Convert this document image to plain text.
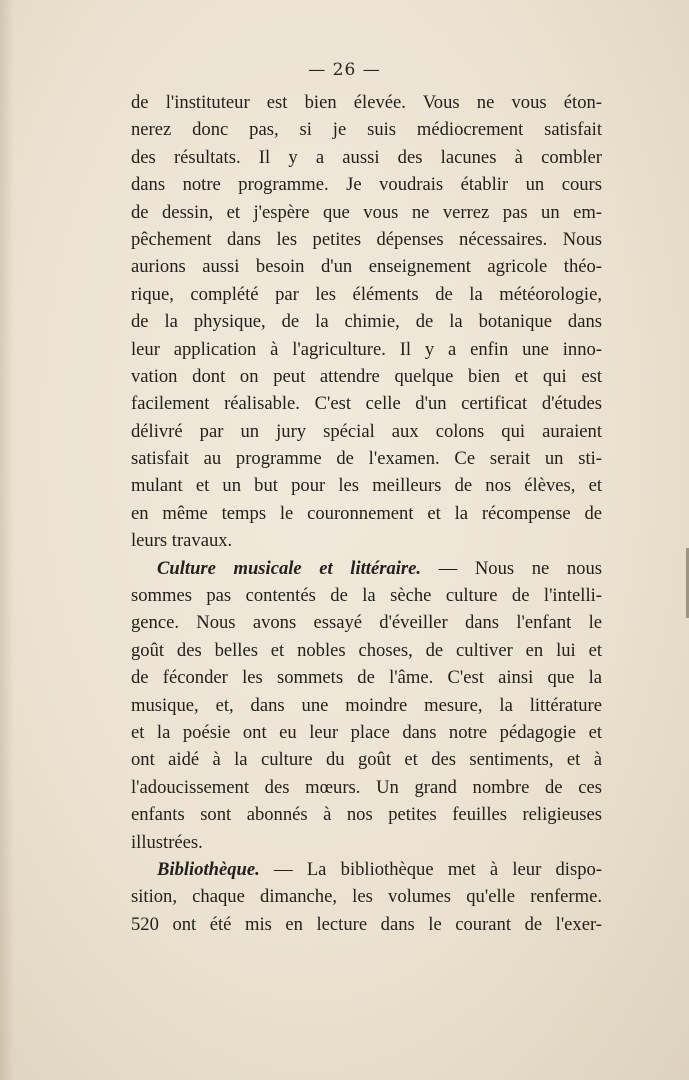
— 26 —
de l'instituteur est bien élevée. Vous ne vous éton-
nerez donc pas, si je suis médiocrement satisfait
des résultats. Il y a aussi des lacunes à combler
dans notre programme. Je voudrais établir un cours
de dessin, et j'espère que vous ne verrez pas un em-
pêchement dans les petites dépenses nécessaires. Nous
aurions aussi besoin d'un enseignement agricole théo-
rique, complété par les éléments de la météorologie,
de la physique, de la chimie, de la botanique dans
leur application à l'agriculture. Il y a enfin une inno-
vation dont on peut attendre quelque bien et qui est
facilement réalisable. C'est celle d'un certificat d'études
délivré par un jury spécial aux colons qui auraient
satisfait au programme de l'examen. Ce serait un sti-
mulant et un but pour les meilleurs de nos élèves, et
en même temps le couronnement et la récompense de
leurs travaux.
Culture musicale et littéraire. — Nous ne nous
sommes pas contentés de la sèche culture de l'intelli-
gence. Nous avons essayé d'éveiller dans l'enfant le
goût des belles et nobles choses, de cultiver en lui et
de féconder les sommets de l'âme. C'est ainsi que la
musique, et, dans une moindre mesure, la littérature
et la poésie ont eu leur place dans notre pédagogie et
ont aidé à la culture du goût et des sentiments, et à
l'adoucissement des mœurs. Un grand nombre de ces
enfants sont abonnés à nos petites feuilles religieuses
illustrées.
Bibliothèque. — La bibliothèque met à leur dispo-
sition, chaque dimanche, les volumes qu'elle renferme.
520 ont été mis en lecture dans le courant de l'exer-
